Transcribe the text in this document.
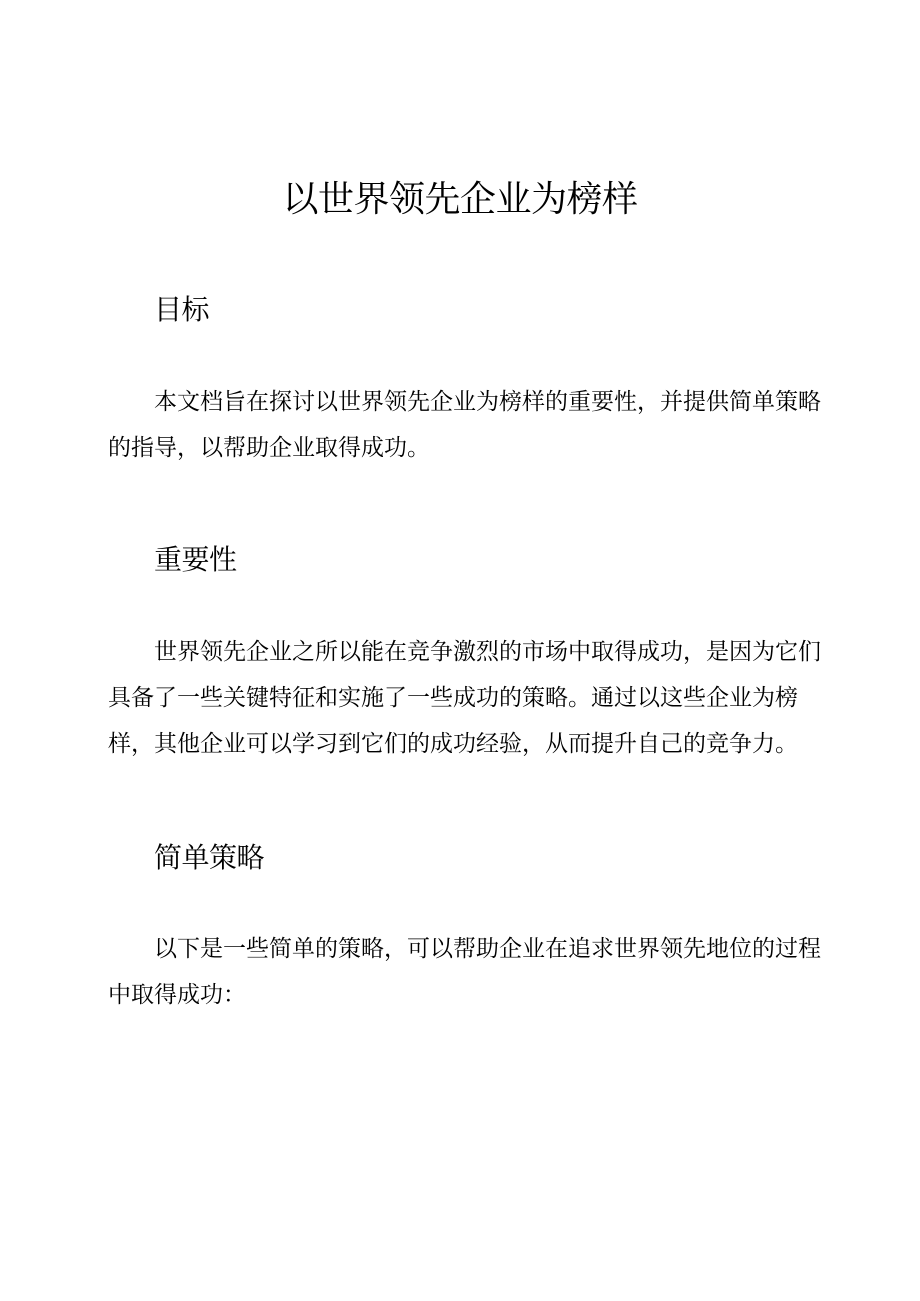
以世界领先企业为榜样
目标
本文档旨在探讨以世界领先企业为榜样的重要性，并提供简单策略的指导，以帮助企业取得成功。
重要性
世界领先企业之所以能在竞争激烈的市场中取得成功，是因为它们具备了一些关键特征和实施了一些成功的策略。通过以这些企业为榜样，其他企业可以学习到它们的成功经验，从而提升自己的竞争力。
简单策略
以下是一些简单的策略，可以帮助企业在追求世界领先地位的过程中取得成功：
